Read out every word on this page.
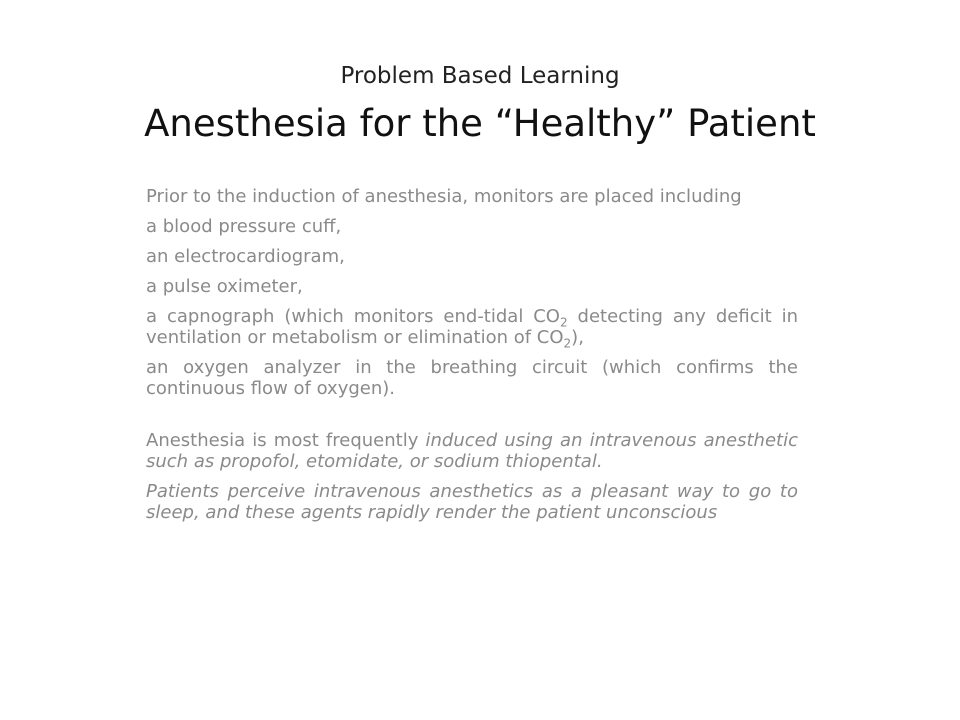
Problem Based Learning
Anesthesia for the “Healthy” Patient

Prior to the induction of anesthesia, monitors are placed including

a blood pressure cuff,

an electrocardiogram,

a pulse oximeter,

a capnograph (which monitors end-tidal $CO_2$ detecting any deficit in ventilation or metabolism or elimination of $CO_2$),

an oxygen analyzer in the breathing circuit (which confirms the continuous flow of oxygen).

Anesthesia is most frequently induced using an intravenous anesthetic such as propofol, etomidate, or sodium thiopental.

Patients perceive intravenous anesthetics as a pleasant way to go to sleep, and these agents rapidly render the patient unconscious
